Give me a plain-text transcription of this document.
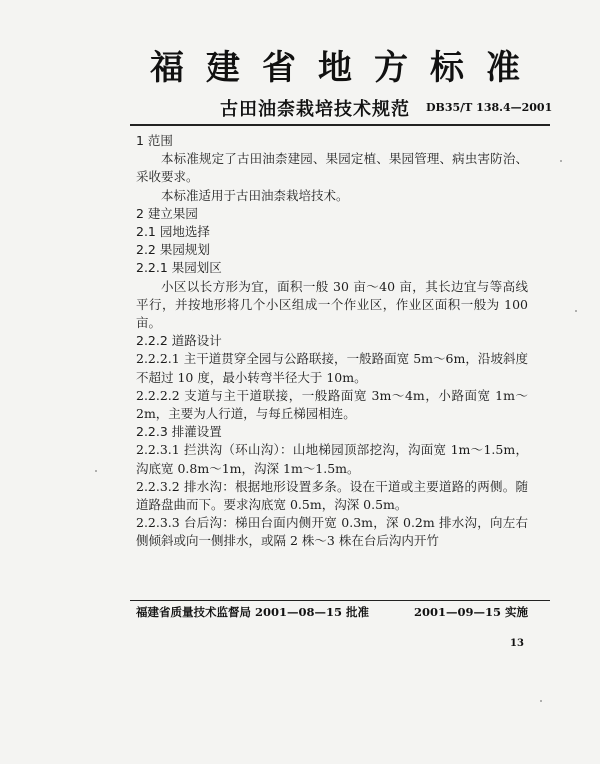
福建省地方标准
古田油柰栽培技术规范 DB35/T 138.4—2001

1 范围

本标准规定了古田油柰建园、果园定植、果园管理、病虫害防治、采收要求。

本标准适用于古田油柰栽培技术。

2 建立果园

2.1 园地选择

2.2 果园规划

2.2.1 果园划区

小区以长方形为宜，面积一般 30 亩～40 亩，其长边宜与等高线平行，并按地形将几个小区组成一个作业区，作业区面积一般为 100 亩。

2.2.2 道路设计

2.2.2.1 主干道贯穿全园与公路联接，一般路面宽 5m～6m，沿坡斜度不超过 10 度，最小转弯半径大于 10m。

2.2.2.2 支道与主干道联接，一般路面宽 3m～4m，小路面宽 1m～2m，主要为人行道，与每丘梯园相连。

2.2.3 排灌设置

2.2.3.1 拦洪沟（环山沟）：山地梯园顶部挖沟，沟面宽 1m～1.5m，沟底宽 0.8m～1m，沟深 1m～1.5m。

2.2.3.2 排水沟：根据地形设置多条。设在干道或主要道路的两侧。随道路盘曲而下。要求沟底宽 0.5m，沟深 0.5m。

2.2.3.3 台后沟：梯田台面内侧开宽 0.3m，深 0.2m 排水沟，向左右侧倾斜或向一侧排水，或隔 2 株～3 株在台后沟内开竹

福建省质量技术监督局 2001—08—15 批准	2001—09—15 实施
13
